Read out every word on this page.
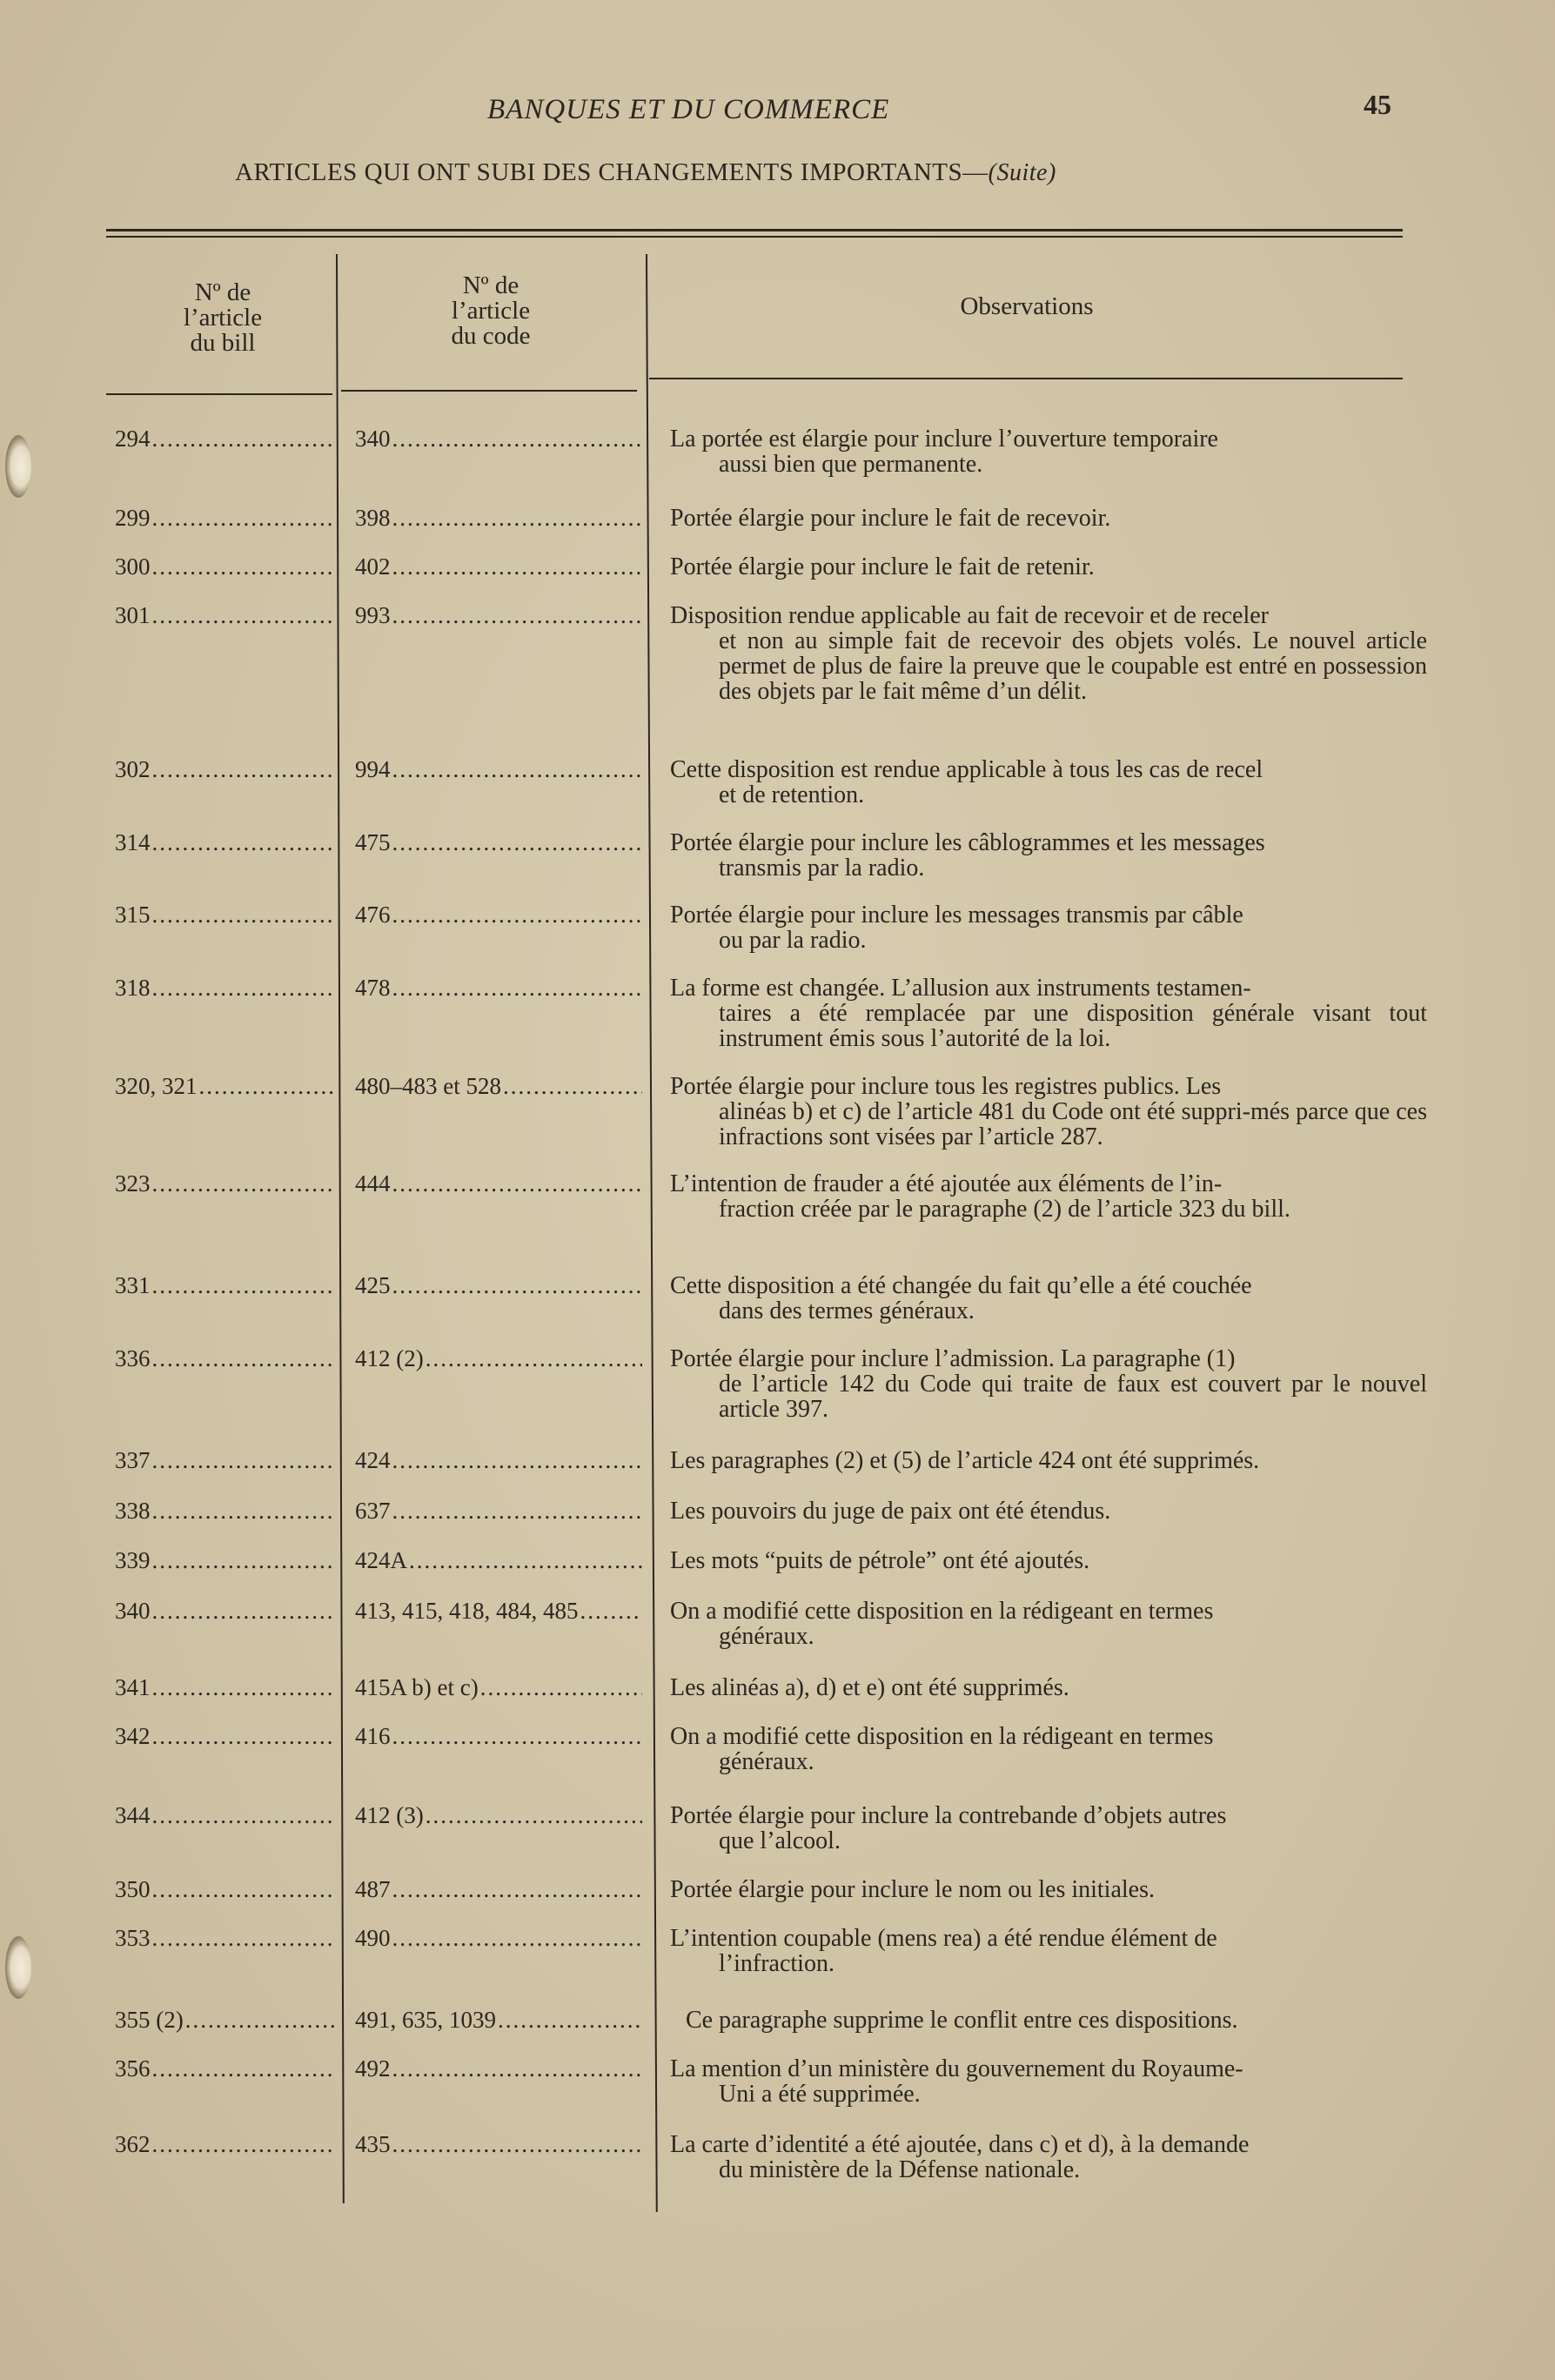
BANQUES ET DU COMMERCE	45
ARTICLES QUI ONT SUBI DES CHANGEMENTS IMPORTANTS—(Suite)
Nº de
l’article
du bill
Nº de
l’article
du code
Observations
294 .....	340 .....	La portée est élargie pour inclure l’ouverture temporaire
aussi bien que permanente.
299 .....	398 .....	Portée élargie pour inclure le fait de recevoir.
300 .....	402 .....	Portée élargie pour inclure le fait de retenir.
301 .....	993 .....	Disposition rendue applicable au fait de recevoir et de receler
et non au simple fait de recevoir des objets volés. Le nouvel article permet de plus de faire la preuve que le coupable est entré en possession des objets par le fait même d’un délit.
302 .....	994 .....	Cette disposition est rendue applicable à tous les cas de recel
et de retention.
314 .....	475 .....	Portée élargie pour inclure les câblogrammes et les messages
transmis par la radio.
315 .....	476 .....	Portée élargie pour inclure les messages transmis par câble
ou par la radio.
318 .....	478 .....	La forme est changée. L’allusion aux instruments testamen-
taires a été remplacée par une disposition générale visant tout instrument émis sous l’autorité de la loi.
320, 321 .....	480–483 et 528 .....	Portée élargie pour inclure tous les registres publics. Les
alinéas b) et c) de l’article 481 du Code ont été suppri-més parce que ces infractions sont visées par l’article 287.
323 .....	444 .....	L’intention de frauder a été ajoutée aux éléments de l’in-
fraction créée par le paragraphe (2) de l’article 323 du bill.
331 .....	425 .....	Cette disposition a été changée du fait qu’elle a été couchée
dans des termes généraux.
336 .....	412 (2) .....	Portée élargie pour inclure l’admission. La paragraphe (1)
de l’article 142 du Code qui traite de faux est couvert par le nouvel article 397.
337 .....	424 .....	Les paragraphes (2) et (5) de l’article 424 ont été supprimés.
338 .....	637 .....	Les pouvoirs du juge de paix ont été étendus.
339 .....	424A .....	Les mots “puits de pétrole” ont été ajoutés.
340 .....	413, 415, 418, 484, 485 .....	On a modifié cette disposition en la rédigeant en termes
généraux.
341 .....	415A b) et c) .....	Les alinéas a), d) et e) ont été supprimés.
342 .....	416 .....	On a modifié cette disposition en la rédigeant en termes
généraux.
344 .....	412 (3) .....	Portée élargie pour inclure la contrebande d’objets autres
que l’alcool.
350 .....	487 .....	Portée élargie pour inclure le nom ou les initiales.
353 .....	490 .....	L’intention coupable (mens rea) a été rendue élément de
l’infraction.
355 (2) .....	491, 635, 1039 .....	Ce paragraphe supprime le conflit entre ces dispositions.
356 .....	492 .....	La mention d’un ministère du gouvernement du Royaume-
Uni a été supprimée.
362 .....	435 .....	La carte d’identité a été ajoutée, dans c) et d), à la demande
du ministère de la Défense nationale.
